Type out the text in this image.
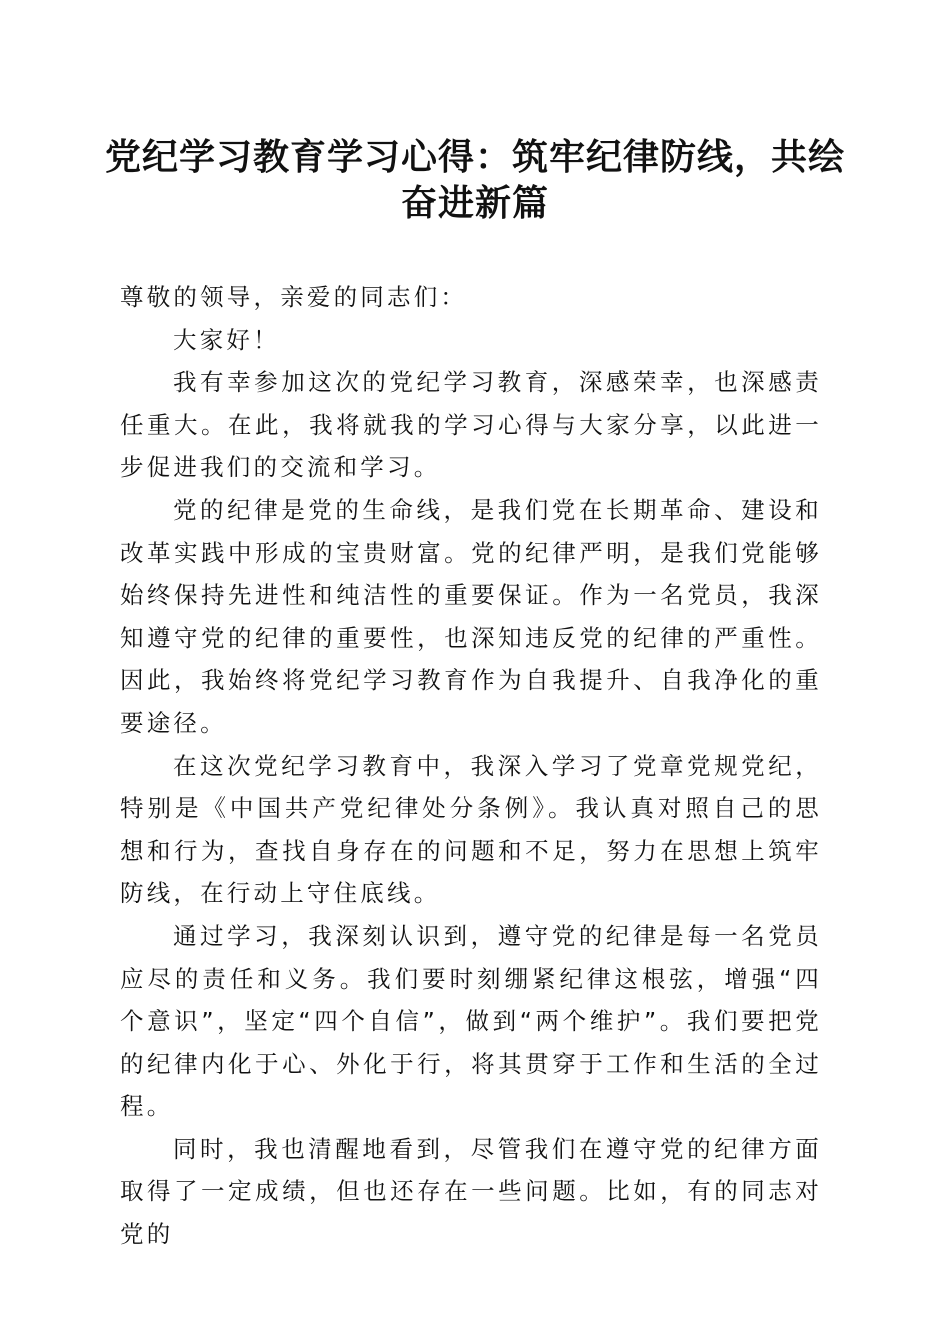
党纪学习教育学习心得：筑牢纪律防线，共绘奋进新篇

尊敬的领导，亲爱的同志们：

大家好！

我有幸参加这次的党纪学习教育，深感荣幸，也深感责任重大。在此，我将就我的学习心得与大家分享，以此进一步促进我们的交流和学习。

党的纪律是党的生命线，是我们党在长期革命、建设和改革实践中形成的宝贵财富。党的纪律严明，是我们党能够始终保持先进性和纯洁性的重要保证。作为一名党员，我深知遵守党的纪律的重要性，也深知违反党的纪律的严重性。因此，我始终将党纪学习教育作为自我提升、自我净化的重要途径。

在这次党纪学习教育中，我深入学习了党章党规党纪，特别是《中国共产党纪律处分条例》。我认真对照自己的思想和行为，查找自身存在的问题和不足，努力在思想上筑牢防线，在行动上守住底线。

通过学习，我深刻认识到，遵守党的纪律是每一名党员应尽的责任和义务。我们要时刻绷紧纪律这根弦，增强“四个意识”，坚定“四个自信”，做到“两个维护”。我们要把党的纪律内化于心、外化于行，将其贯穿于工作和生活的全过程。

同时，我也清醒地看到，尽管我们在遵守党的纪律方面取得了一定成绩，但也还存在一些问题。比如，有的同志对党的
